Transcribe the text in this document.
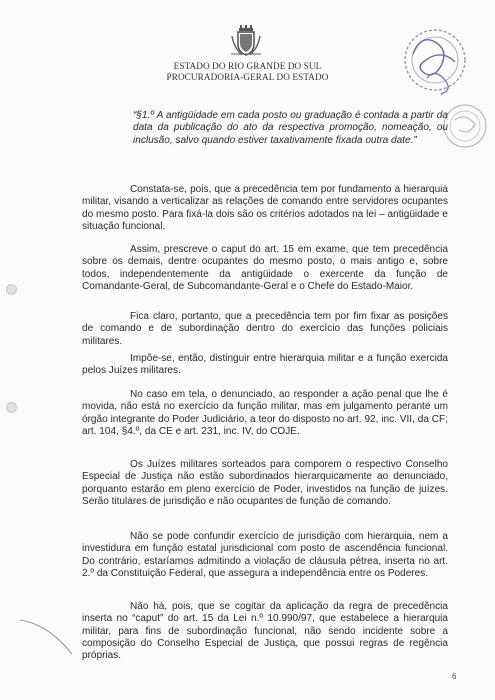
ESTADO DO RIO GRANDE DO SUL
PROCURADORIA-GERAL DO ESTADO
“§1.º A antigüidade em cada posto ou graduação é contada a partir da data da publicação do ato da respectiva promoção, nomeação, ou inclusão, salvo quando estiver taxativamente fixada outra date.”

Constata-se, pois, que a precedência tem por fundamento a hierarquia militar, visando a verticalizar as relações de comando entre servidores ocupantes do mesmo posto. Para fixá-la dois são os critérios adotados na lei – antigüidade e situação funcional.

Assim, prescreve o caput do art. 15 em exame, que tem precedência sobre os demais, dentre ocupantes do mesmo posto, o mais antigo e, sobre todos, independentemente da antigüidade o exercente da função de Comandante-Geral, de Subcomandante-Geral e o Chefe do Estado-Maior.

Fica claro, portanto, que a precedência tem por fim fixar as posições de comando e de subordinação dentro do exercício das funções policiais militares.

Impõe-se, então, distinguir entre hierarquia militar e a função exercida pelos Juízes militares.

No caso em tela, o denunciado, ao responder a ação penal que lhe é movida, não está no exercício da função militar, mas em julgamento perante um órgão integrante do Poder Judiciário, a teor do disposto no art. 92, inc. VII, da CF; art. 104, §4.º, da CE e art. 231, inc. IV, do COJE.

Os Juízes militares sorteados para comporem o respectivo Conselho Especial de Justiça não estão subordinados hierarquicamente ao denunciado, porquanto estarão em pleno exercício de Poder, investidos na função de juízes. Serão titulares de jurisdição e não ocupantes de função de comando.

Não se pode confundir exercício de jurisdição com hierarquia, nem a investidura em função estatal jurisdicional com posto de ascendência funcional. Do contrário, estaríamos admitindo a violação de cláusula pétrea, inserta no art. 2.º da Constituição Federal, que assegura a independência entre os Poderes.

Não há, pois, que se cogitar da aplicação da regra de precedência inserta no “caput” do art. 15 da Lei n.º 10.990/97, que estabelece a hierarquia militar, para fins de subordinação funcional, não sendo incidente sobre a composição do Conselho Especial de Justiça, que possui regras de regência próprias.

6
